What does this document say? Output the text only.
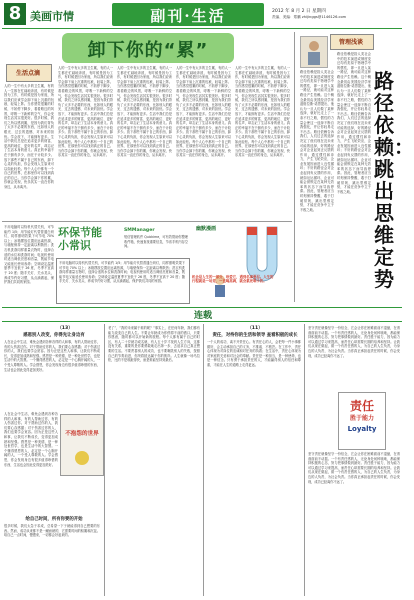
8 美画市情	副刊·生活	2012 年 8 月 2 日 星期四
责编、美编：郑鹏 zhijinggs@1146126.com
卸下你的“累”
生活点滴
人的一生中有太多的卫生累，有的人一生都在忙碌地奔波，有时候是因为工作，有时候是因为家庭，所以我们应该学会卸下肩上沉重的包袱，轻装上阵。当你感觉很累的时候，不妨停下脚步，看看路边的风景，呼吸一下新鲜的空气，你会发现生活其实很美好。很多时候，我们之所以感到累，是因为我们背负了太多不必要的东西，比如别人的眼光、过去的遗憾、对未来的担忧。学会放下，才能拥有更多。生活中我们总是在追求更多的财富、更高的地位、更好的名声，却忘记了生活本身的意义。真正的幸福不在于拥有多少，而在于计较多少。放下那些不属于自己的东西，卸下心灵的负担，你会发现人生原来可以如此轻松。每个人心中都有一个自己的世界，在那里你可以找到真正的自己。当你学会卸下你的累，你就会发现，快乐其实一直在你的身边，从未离开。
人的一生中有太多的卫生累，有的人一生都在忙碌地奔波，有时候是因为工作，有时候是因为家庭，所以我们应该学会卸下肩上沉重的包袱，轻装上阵。当你感觉很累的时候，不妨停下脚步，看看路边的风景，呼吸一下新鲜的空气，你会发现生活其实很美好。很多时候，我们之所以感到累，是因为我们背负了太多不必要的东西，比如别人的眼光、过去的遗憾、对未来的担忧。学会放下，才能拥有更多。生活中我们总是在追求更多的财富、更高的地位、更好的名声，却忘记了生活本身的意义。真正的幸福不在于拥有多少，而在于计较多少。放下那些不属于自己的东西，卸下心灵的负担，你会发现人生原来可以如此轻松。每个人心中都有一个自己的世界，在那里你可以找到真正的自己。当你学会卸下你的累，你就会发现，快乐其实一直在你的身边，从未离开。
人的一生中有太多的卫生累，有的人一生都在忙碌地奔波，有时候是因为工作，有时候是因为家庭，所以我们应该学会卸下肩上沉重的包袱，轻装上阵。当你感觉很累的时候，不妨停下脚步，看看路边的风景，呼吸一下新鲜的空气，你会发现生活其实很美好。很多时候，我们之所以感到累，是因为我们背负了太多不必要的东西，比如别人的眼光、过去的遗憾、对未来的担忧。学会放下，才能拥有更多。生活中我们总是在追求更多的财富、更高的地位、更好的名声，却忘记了生活本身的意义。真正的幸福不在于拥有多少，而在于计较多少。放下那些不属于自己的东西，卸下心灵的负担，你会发现人生原来可以如此轻松。每个人心中都有一个自己的世界，在那里你可以找到真正的自己。当你学会卸下你的累，你就会发现，快乐其实一直在你的身边，从未离开。
人的一生中有太多的卫生累，有的人一生都在忙碌地奔波，有时候是因为工作，有时候是因为家庭，所以我们应该学会卸下肩上沉重的包袱，轻装上阵。当你感觉很累的时候，不妨停下脚步，看看路边的风景，呼吸一下新鲜的空气，你会发现生活其实很美好。很多时候，我们之所以感到累，是因为我们背负了太多不必要的东西，比如别人的眼光、过去的遗憾、对未来的担忧。学会放下，才能拥有更多。生活中我们总是在追求更多的财富、更高的地位、更好的名声，却忘记了生活本身的意义。真正的幸福不在于拥有多少，而在于计较多少。放下那些不属于自己的东西，卸下心灵的负担，你会发现人生原来可以如此轻松。每个人心中都有一个自己的世界，在那里你可以找到真正的自己。当你学会卸下你的累，你就会发现，快乐其实一直在你的身边，从未离开。
人的一生中有太多的卫生累，有的人一生都在忙碌地奔波，有时候是因为工作，有时候是因为家庭，所以我们应该学会卸下肩上沉重的包袱，轻装上阵。当你感觉很累的时候，不妨停下脚步，看看路边的风景，呼吸一下新鲜的空气，你会发现生活其实很美好。很多时候，我们之所以感到累，是因为我们背负了太多不必要的东西，比如别人的眼光、过去的遗憾、对未来的担忧。学会放下，才能拥有更多。生活中我们总是在追求更多的财富、更高的地位、更好的名声，却忘记了生活本身的意义。真正的幸福不在于拥有多少，而在于计较多少。放下那些不属于自己的东西，卸下心灵的负担，你会发现人生原来可以如此轻松。每个人心中都有一个自己的世界，在那里你可以找到真正的自己。当你学会卸下你的累，你就会发现，快乐其实一直在你的身边，从未离开。
管理浅谈
路径依赖：跳出思维定势
路径依赖是指人类社会中的技术演进或制度变迁均有类似于物理学中的惯性，即一旦进入某一路径，就可能对这种路径产生依赖。这个概念最初由美国经济学家道格拉斯·诺思提出，他认为一旦人们做了某种选择，就好比走上了一条不归之路，惯性的力量会使这一选择不断自我强化，并让你轻易走不出去。路径依赖告诉我们，人们过去的选择决定了他们现在及未来可能的选择，好的路径会对企业起到正反馈的作用，通过惯性和冲力，产生飞轮效应，企业发展因而进入良性循环；不好的路径会对企业起到负反馈的作用，就如厄运循环，企业可能会被锁定在某种无效率的状态下而导致停滞。因此，管理者应当时刻保持警醒，敢于打破常规，跳出思维定势，才能在竞争中立于不败之地。
路径依赖是指人类社会中的技术演进或制度变迁均有类似于物理学中的惯性，即一旦进入某一路径，就可能对这种路径产生依赖。这个概念最初由美国经济学家道格拉斯·诺思提出，他认为一旦人们做了某种选择，就好比走上了一条不归之路，惯性的力量会使这一选择不断自我强化，并让你轻易走不出去。路径依赖告诉我们，人们过去的选择决定了他们现在及未来可能的选择，好的路径会对企业起到正反馈的作用，通过惯性和冲力，产生飞轮效应，企业发展因而进入良性循环；不好的路径会对企业起到负反馈的作用，就如厄运循环，企业可能会被锁定在某种无效率的状态下而导致停滞。因此，管理者应当时刻保持警醒，敢于打破常规，跳出思维定势，才能在竞争中立于不败之地。
环保节能小常识
不用电脑时以待机代替关机，可节能约 1/5；用节能灯代替普通白炽灯，同样照明效果下可节电 70% 以上；冰箱摆放位置应远离热源，与墙壁保持一定距离以利散热；洗衣机洗涤同样重量衣物时，选择合适的水位和洗涤时间；电视机使用时适当调低亮度和音量，既能节电又能延长使用寿命；空调设定温度夏季不宜低于 26 度，冬季不宜高于 20 度；随手关灯、关水龙头，养成节约好习惯，从点滴做起，保护我们共同的家园。
不用电脑时以待机代替关机，可节能约 1/5；用节能灯代替普通白炽灯，同样照明效果下可节电 70% 以上；冰箱摆放位置应远离热源，与墙壁保持一定距离以利散热；洗衣机洗涤同样重量衣物时，选择合适的水位和洗涤时间；电视机使用时适当调低亮度和音量，既能节电又能延长使用寿命；空调设定温度夏季不宜低于 26 度，冬季不宜高于 20 度；随手关灯、关水龙头，养成节约好习惯，从点滴做起，保护我们共同的家园。
SMManager
短信管理软件 Quickime，可有效帮助你整理收件箱，快速查找重要信息，节省手机内存空间。
幽默漫画
机会是人生的一部分，珍爱它，遇到名事要忍。人生的行程就是一场竞，一直喝高调，就会累死唱卡的。
连载
（13）
感恩别人改变，你得先让身边有
人在社会中生活，难免会遇到各种各样的人和事，有的人帮助过你，有的人伤害过你。对于帮助过你的人，我们要心存感激；对于伤害过你的人，我们也要学会宽容。因为正是这些人和事，让我们不断成长，变得更加成熟和坚强。感恩是一种美德，是一种处世哲学，也是生活中的大智慧。一个懂得感恩的人，必定是一个心胸开阔的人，一个受人尊敬的人。学会感恩，你会发现身边有很多值得珍惜的东西，生活也会因此变得更加美好。
人在社会中生活，难免会遇到各种各样的人和事，有的人帮助过你，有的人伤害过你。对于帮助过你的人，我们要心存感激；对于伤害过你的人，我们也要学会宽容。因为正是这些人和事，让我们不断成长，变得更加成熟和坚强。感恩是一种美德，是一种处世哲学，也是生活中的大智慧。一个懂得感恩的人，必定是一个心胸开阔的人，一个受人尊敬的人。学会感恩，你会发现身边有很多值得珍惜的东西，生活也会因此变得更加美好。
不抱怨的世界
给自己时间，所有你要的开始
很多时候，我们太急于求成，总希望一下子就能得到自己想要的东西。然而，成功从来都不是一蹴而就的，它需要时间的积累和沉淀。给自己一点时间，慢慢来，一切都会好起来的。
老了”，”我的未来属于谁的呢？”事实上，在任何年龄，我们都有能力改变自己的人生。不要让年龄成为你停滞不前的借口，只要你愿意，随时都可以开始新的旅程。每个人都有属于自己的时区，有人二十岁就功成名就，有人五十岁才找到人生方向，这都没有关系，重要的是你要勇敢地走出第一步，去追求自己真正想要的生活。不要羡慕别人的成功，也不要嘲笑别人的失败，按照自己的节奏前进，你终将抵达属于你的彼岸。人生就像一场马拉松，比的不是谁跑得快，而是谁能坚持到最后。
（11）
责任，对待你的生活和领导 查看积极的成长
一个人的成功，离不开责任心。有责任心的人，会把每一件小事都做好，会主动承担自己的义务，不推诿、不抱怨。在工作中，责任心体现为对岗位的忠诚和对任务的执着；在生活中，责任心体现为对家庭的关爱和对社会的奉献。责任是一种担当，是一种使命，也是一种信念。只有勇于承担责任的人，才能赢得别人的信任和尊重，才能在人生的道路上走得更远。
坚守责任就像坚守一份信念，它会让你在困难面前不退缩，在诱惑面前不动摇。一个有责任感的人，无论身处何种境地，都能保持积极的心态，努力把事情做到最好。责任胜于能力，因为能力可以通过学习来提高，而责任心却需要长期的培养和坚持。让我们从现在做起，做一个有责任感的人，为自己的人生负责，为身边的人负责，为社会负责。当你真正承担起责任的时候，你会发现，成功已经离你不远了。
责任
胜于能力
Loyalty
坚守责任就像坚守一份信念，它会让你在困难面前不退缩，在诱惑面前不动摇。一个有责任感的人，无论身处何种境地，都能保持积极的心态，努力把事情做到最好。责任胜于能力，因为能力可以通过学习来提高，而责任心却需要长期的培养和坚持。让我们从现在做起，做一个有责任感的人，为自己的人生负责，为身边的人负责，为社会负责。当你真正承担起责任的时候，你会发现，成功已经离你不远了。
